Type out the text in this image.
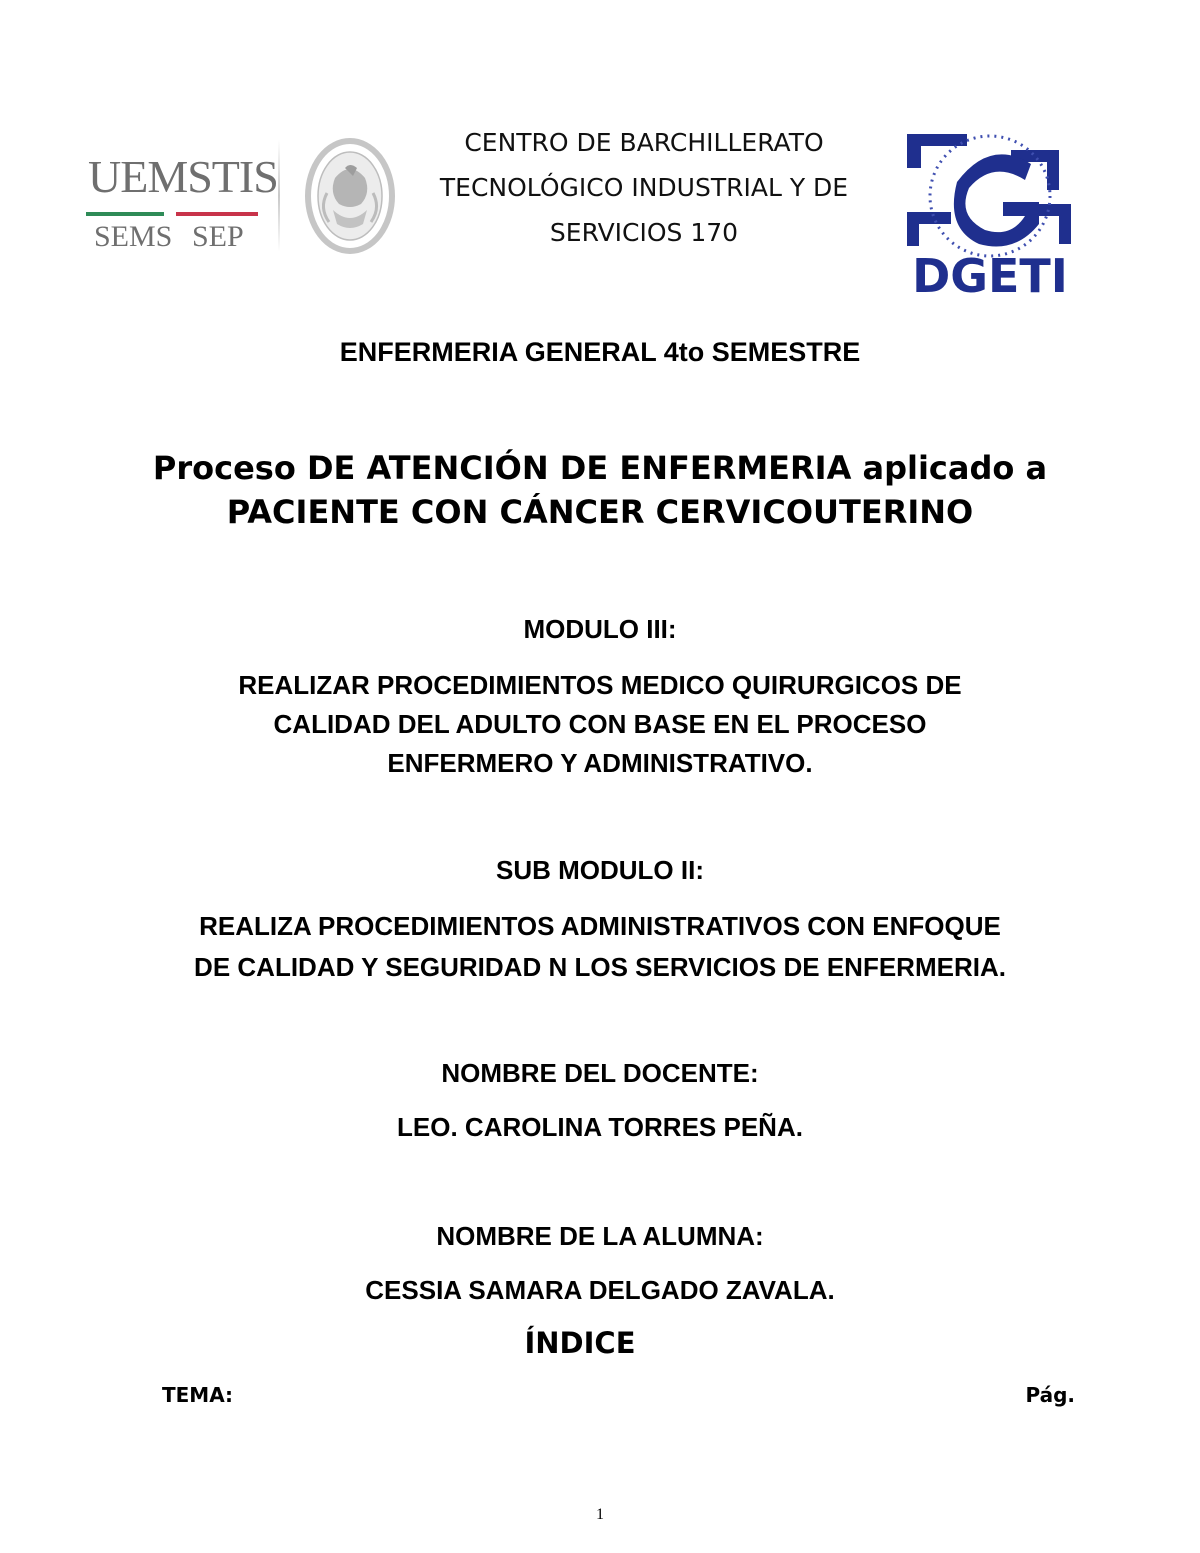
UEMSTIS
SEMS SEP
CENTRO DE BARCHILLERATO
TECNOLÓGICO INDUSTRIAL Y DE
SERVICIOS 170
DGETI
ENFERMERIA GENERAL 4to SEMESTRE
Proceso DE ATENCIÓN DE ENFERMERIA aplicado a
PACIENTE CON CÁNCER CERVICOUTERINO
MODULO III:
REALIZAR PROCEDIMIENTOS MEDICO QUIRURGICOS DE
CALIDAD DEL ADULTO CON BASE EN EL PROCESO
ENFERMERO Y ADMINISTRATIVO.
SUB MODULO II:
REALIZA PROCEDIMIENTOS ADMINISTRATIVOS CON ENFOQUE
DE CALIDAD Y SEGURIDAD N LOS SERVICIOS DE ENFERMERIA.
NOMBRE DEL DOCENTE:
LEO. CAROLINA TORRES PEÑA.
NOMBRE DE LA ALUMNA:
CESSIA SAMARA DELGADO ZAVALA.
ÍNDICE
TEMA:	Pág.
1
